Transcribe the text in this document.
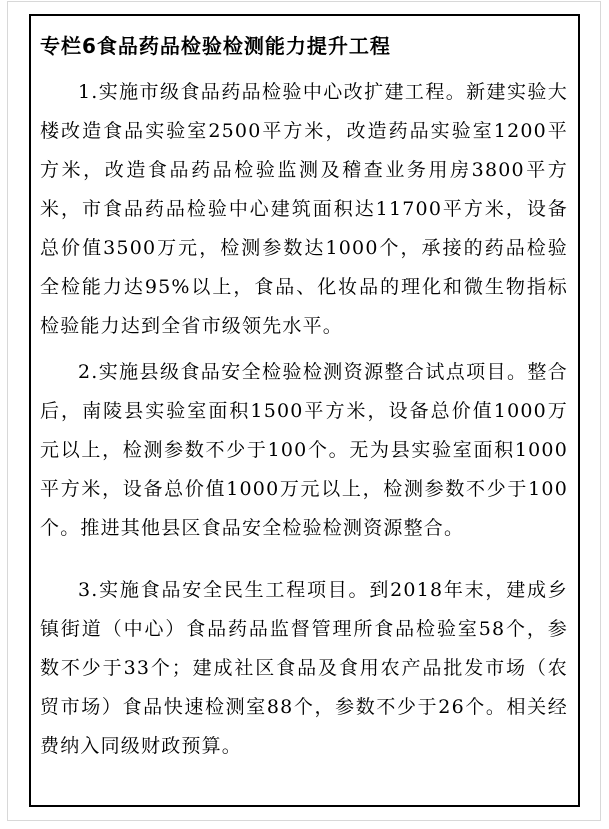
专栏6食品药品检验检测能力提升工程

1.实施市级食品药品检验中心改扩建工程。新建实验大楼改造食品实验室2500平方米，改造药品实验室1200平方米，改造食品药品检验监测及稽查业务用房3800平方米，市食品药品检验中心建筑面积达11700平方米，设备总价值3500万元，检测参数达1000个，承接的药品检验全检能力达95%以上，食品、化妆品的理化和微生物指标检验能力达到全省市级领先水平。

2.实施县级食品安全检验检测资源整合试点项目。整合后，南陵县实验室面积1500平方米，设备总价值1000万元以上，检测参数不少于100个。无为县实验室面积1000平方米，设备总价值1000万元以上，检测参数不少于100个。推进其他县区食品安全检验检测资源整合。

3.实施食品安全民生工程项目。到2018年末，建成乡镇街道（中心）食品药品监督管理所食品检验室58个，参数不少于33个；建成社区食品及食用农产品批发市场（农贸市场）食品快速检测室88个，参数不少于26个。相关经费纳入同级财政预算。
